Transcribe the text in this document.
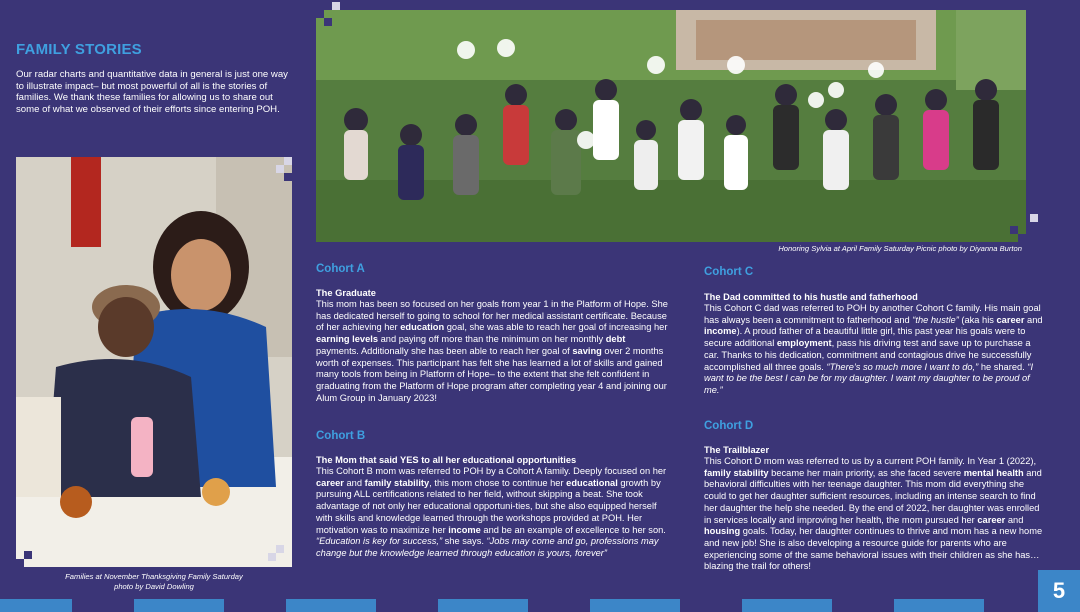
FAMILY STORIES
Our radar charts and quantitative data in general is just one way to illustrate impact– but most powerful of all is the stories of families. We thank these families for allowing us to share out some of what we observed of their efforts since entering POH.
Honoring Sylvia at April Family Saturday Picnic photo by Diyanna Burton
Families at November Thanksgiving Family Saturday
photo by David Dowling
Cohort A
The Graduate
This mom has been so focused on her goals from year 1 in the Platform of Hope. She has dedicated herself to going to school for her medical assistant certificate. Because of her achieving her education goal, she was able to reach her goal of increasing her earning levels and paying off more than the minimum on her monthly debt payments. Additionally she has been able to reach her goal of saving over 2 months worth of expenses. This participant has felt she has learned a lot of skills and gained many tools from being in Platform of Hope– to the extent that she felt confident in graduating from the Platform of Hope program after completing year 4 and joining our Alum Group in January 2023!
Cohort B
The Mom that said YES to all her educational opportunities
This Cohort B mom was referred to POH by a Cohort A family. Deeply focused on her career and family stability, this mom chose to continue her educational growth by pursuing ALL certifications related to her field, without skipping a beat. She took advantage of not only her educational opportuni-ties, but she also equipped herself with skills and knowledge learned through the workshops provided at POH. Her motivation was to maximize her income and be an example of excellence to her son. “Education is key for success,” she says. “Jobs may come and go, professions may change but the knowledge learned through education is yours, forever”
Cohort C
The Dad committed to his hustle and fatherhood
This Cohort C dad was referred to POH by another Cohort C family. His main goal has always been a commitment to fatherhood and “the hustle” (aka his career and income). A proud father of a beautiful little girl, this past year his goals were to secure additional employment, pass his driving test and save up to purchase a car. Thanks to his dedication, commitment and contagious drive he successfully accomplished all three goals. “There’s so much more I want to do,” he shared. “I want to be the best I can be for my daughter. I want my daughter to be proud of me.”
Cohort D
The Trailblazer
This Cohort D mom was referred to us by a current POH family. In Year 1 (2022), family stability became her main priority, as she faced severe mental health and behavioral difficulties with her teenage daughter. This mom did everything she could to get her daughter sufficient resources, including an intense search to find her daughter the help she needed. By the end of 2022, her daughter was enrolled in services locally and improving her health, the mom pursued her career and housing goals. Today, her daughter continues to thrive and mom has a new home and new job! She is also developing a resource guide for parents who are experiencing some of the same behavioral issues with their children as she has… blazing the trail for others!
5
